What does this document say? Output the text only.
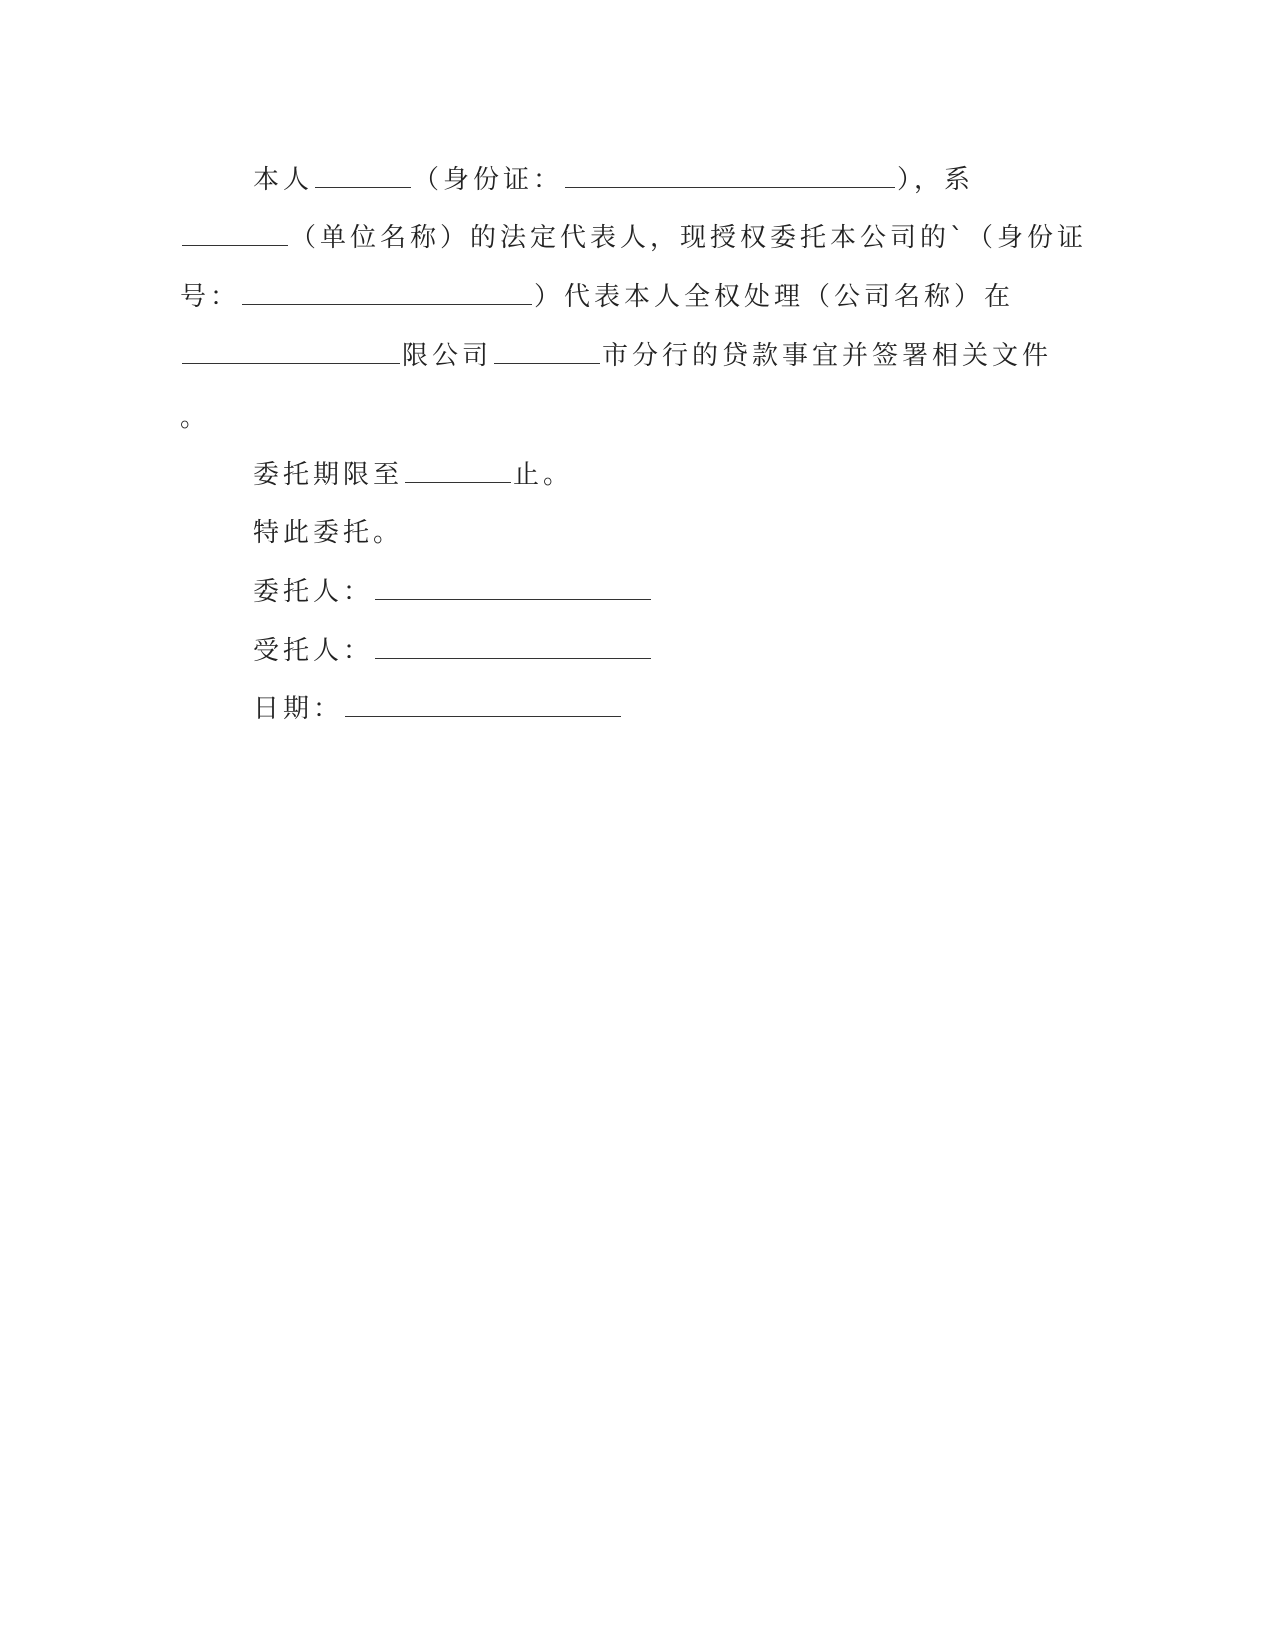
本人	（身份证：	），系
（单位名称）的法定代表人，现授权委托本公司的`（身份证
号：	）代表本人全权处理（公司名称）在
限公司	市分行的贷款事宜并签署相关文件
。
委托期限至	止。
特此委托。
委托人：
受托人：
日期：
